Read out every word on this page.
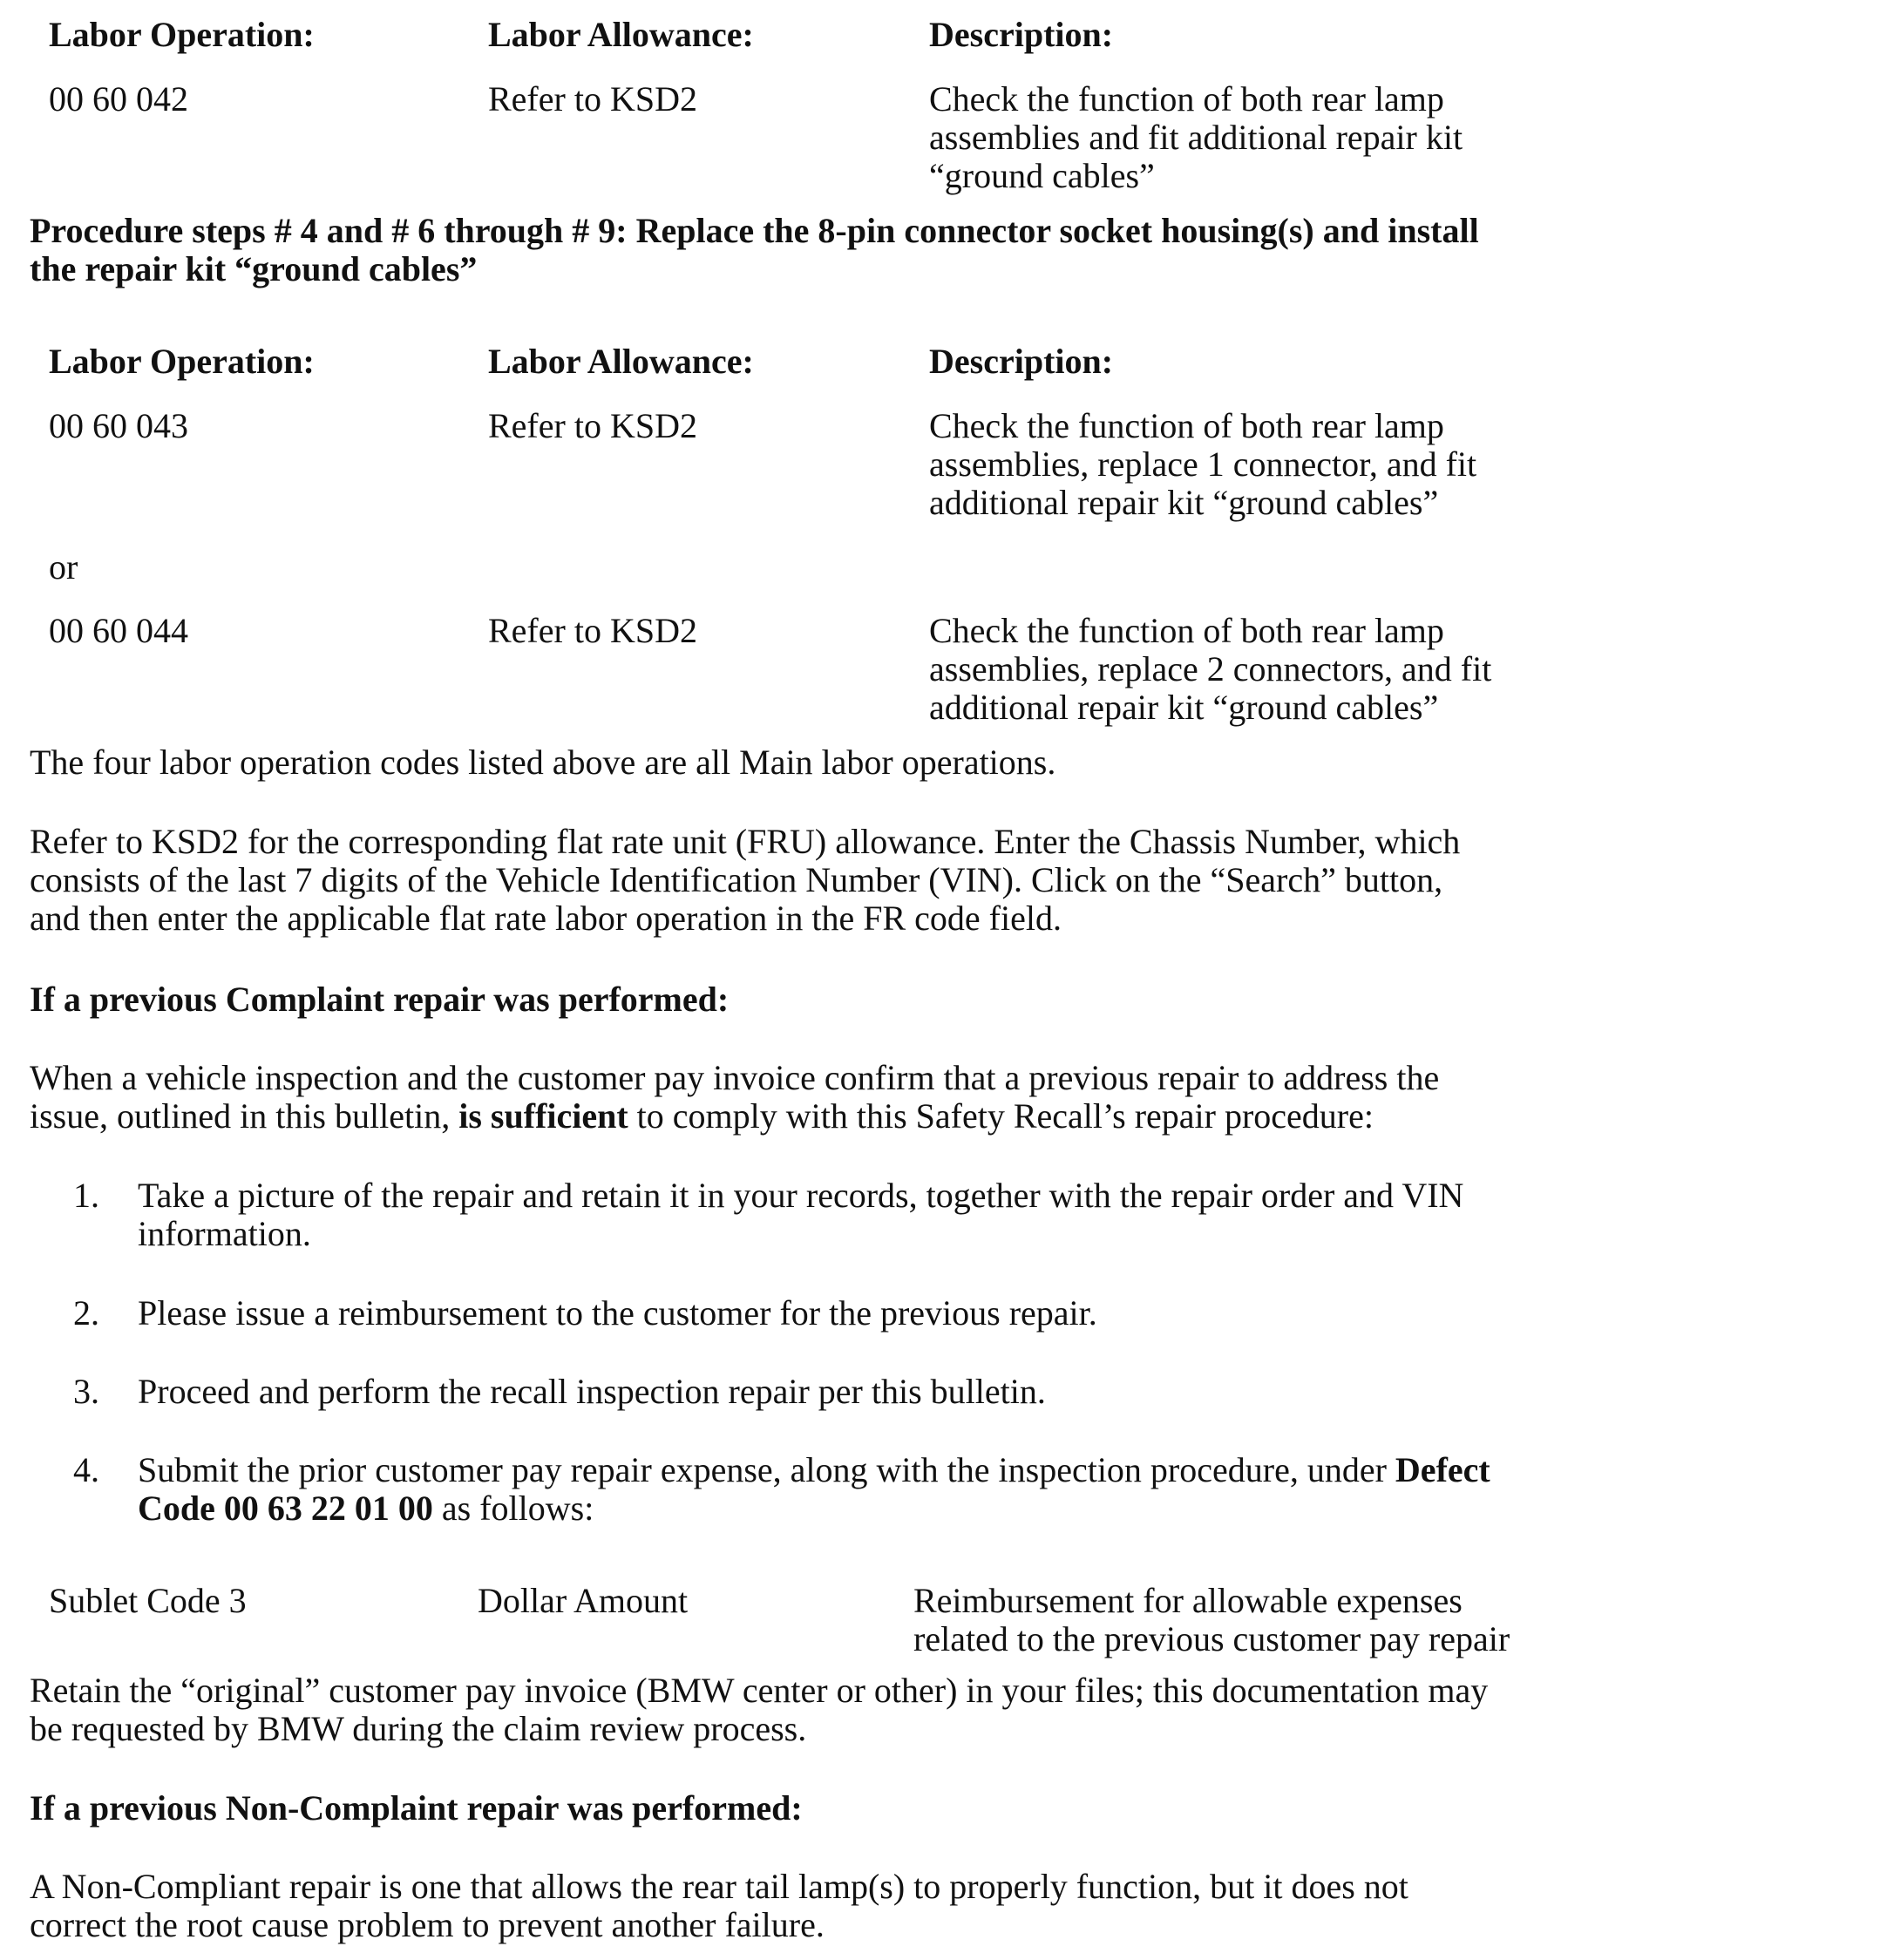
Labor Operation:	Labor Allowance:	Description:
00 60 042	Refer to KSD2	Check the function of both rear lamp
assemblies and fit additional repair kit
“ground cables”
Procedure steps # 4 and # 6 through # 9: Replace the 8-pin connector socket housing(s) and install
the repair kit “ground cables”
Labor Operation:	Labor Allowance:	Description:
00 60 043	Refer to KSD2	Check the function of both rear lamp
assemblies, replace 1 connector, and fit
additional repair kit “ground cables”
or
00 60 044	Refer to KSD2	Check the function of both rear lamp
assemblies, replace 2 connectors, and fit
additional repair kit “ground cables”
The four labor operation codes listed above are all Main labor operations.
Refer to KSD2 for the corresponding flat rate unit (FRU) allowance. Enter the Chassis Number, which
consists of the last 7 digits of the Vehicle Identification Number (VIN). Click on the “Search” button,
and then enter the applicable flat rate labor operation in the FR code field.
If a previous Complaint repair was performed:
When a vehicle inspection and the customer pay invoice confirm that a previous repair to address the
issue, outlined in this bulletin, is sufficient to comply with this Safety Recall’s repair procedure:
1. Take a picture of the repair and retain it in your records, together with the repair order and VIN
information.
2. Please issue a reimbursement to the customer for the previous repair.
3. Proceed and perform the recall inspection repair per this bulletin.
4. Submit the prior customer pay repair expense, along with the inspection procedure, under Defect
Code 00 63 22 01 00 as follows:
Sublet Code 3	Dollar Amount	Reimbursement for allowable expenses
related to the previous customer pay repair
Retain the “original” customer pay invoice (BMW center or other) in your files; this documentation may
be requested by BMW during the claim review process.
If a previous Non-Complaint repair was performed:
A Non-Compliant repair is one that allows the rear tail lamp(s) to properly function, but it does not
correct the root cause problem to prevent another failure.
